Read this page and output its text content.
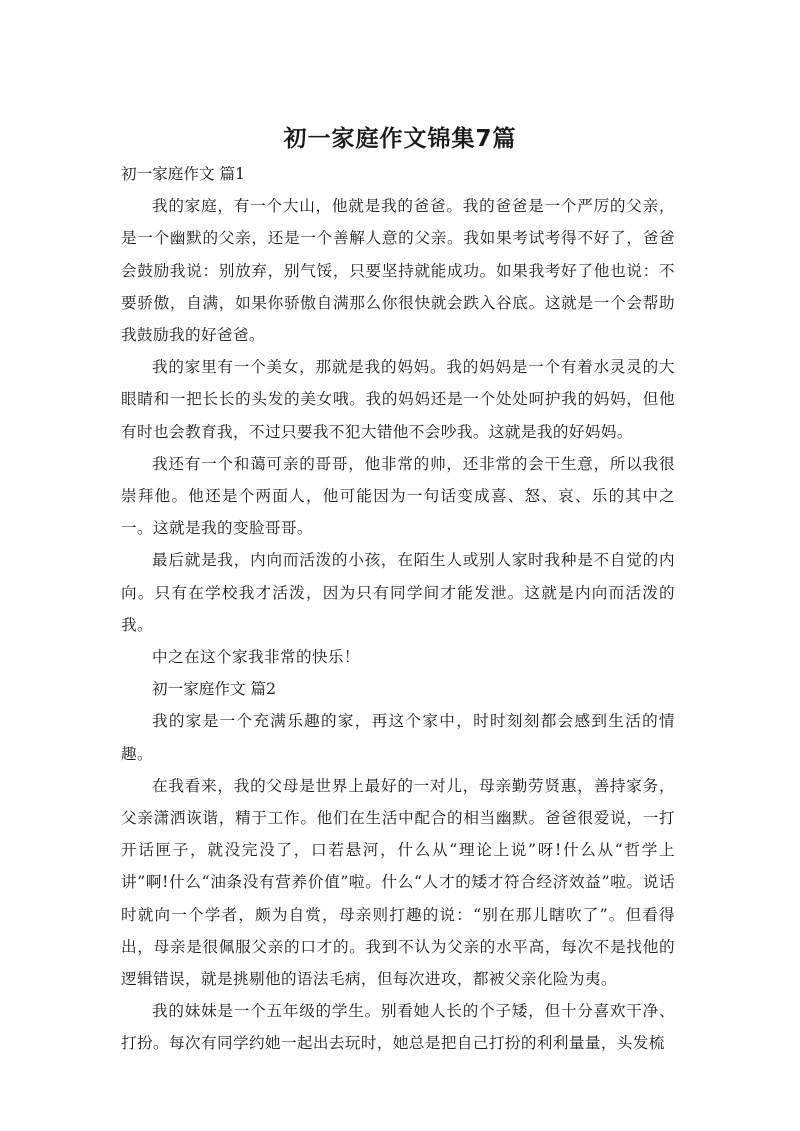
初一家庭作文锦集7篇

初一家庭作文 篇1

我的家庭，有一个大山，他就是我的爸爸。我的爸爸是一个严厉的父亲，是一个幽默的父亲，还是一个善解人意的父亲。我如果考试考得不好了，爸爸会鼓励我说：别放弃，别气馁，只要坚持就能成功。如果我考好了他也说：不要骄傲，自满，如果你骄傲自满那么你很快就会跌入谷底。这就是一个会帮助我鼓励我的好爸爸。

我的家里有一个美女，那就是我的妈妈。我的妈妈是一个有着水灵灵的大眼睛和一把长长的头发的美女哦。我的妈妈还是一个处处呵护我的妈妈，但他有时也会教育我，不过只要我不犯大错他不会吵我。这就是我的好妈妈。

我还有一个和蔼可亲的哥哥，他非常的帅，还非常的会干生意，所以我很崇拜他。他还是个两面人，他可能因为一句话变成喜、怒、哀、乐的其中之一。这就是我的变脸哥哥。

最后就是我，内向而活泼的小孩，在陌生人或别人家时我种是不自觉的内向。只有在学校我才活泼，因为只有同学间才能发泄。这就是内向而活泼的我。

中之在这个家我非常的快乐！

初一家庭作文 篇2

我的家是一个充满乐趣的家，再这个家中，时时刻刻都会感到生活的情趣。

在我看来，我的父母是世界上最好的一对儿，母亲勤劳贤惠，善持家务，父亲潇洒诙谐，精于工作。他们在生活中配合的相当幽默。爸爸很爱说，一打开话匣子，就没完没了，口若悬河，什么从“理论上说”呀!什么从“哲学上讲”啊!什么“油条没有营养价值”啦。什么“人才的矮才符合经济效益”啦。说话时就向一个学者，颇为自赏，母亲则打趣的说：“别在那儿瞎吹了”。但看得出，母亲是很佩服父亲的口才的。我到不认为父亲的水平高，每次不是找他的逻辑错误，就是挑剔他的语法毛病，但每次进攻，都被父亲化险为夷。

我的妹妹是一个五年级的学生。别看她人长的个子矮，但十分喜欢干净、打扮。每次有同学约她一起出去玩时，她总是把自己打扮的利利量量，头发梳
